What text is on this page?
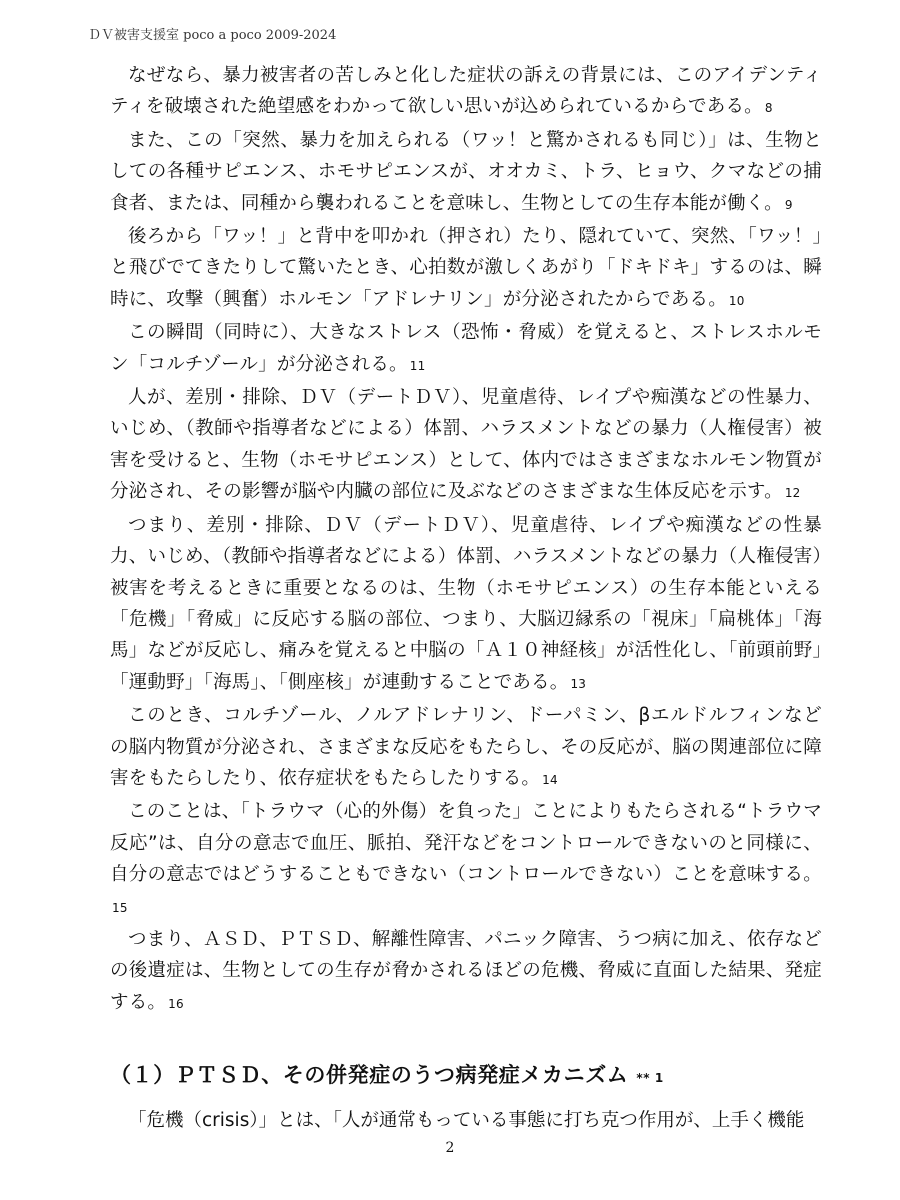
ＤＶ被害支援室 poco a poco 2009-2024

なぜなら、暴力被害者の苦しみと化した症状の訴えの背景には、このアイデンティティを破壊された絶望感をわかって欲しい思いが込められているからである。 8

また、この「突然、暴力を加えられる（ワッ！と驚かされるも同じ）」は、生物としての各種サピエンス、ホモサピエンスが、オオカミ、トラ、ヒョウ、クマなどの捕食者、または、同種から襲われることを意味し、生物としての生存本能が働く。 9

後ろから「ワッ！」と背中を叩かれ（押され）たり、隠れていて、突然、「ワッ！」と飛びでてきたりして驚いたとき、心拍数が激しくあがり「ドキドキ」するのは、瞬時に、攻撃（興奮）ホルモン「アドレナリン」が分泌されたからである。 10

この瞬間（同時に）、大きなストレス（恐怖・脅威）を覚えると、ストレスホルモン「コルチゾール」が分泌される。 11

人が、差別・排除、ＤＶ（デートＤＶ）、児童虐待、レイプや痴漢などの性暴力、いじめ、（教師や指導者などによる）体罰、ハラスメントなどの暴力（人権侵害）被害を受けると、生物（ホモサピエンス）として、体内ではさまざまなホルモン物質が分泌され、その影響が脳や内臓の部位に及ぶなどのさまざまな生体反応を示す。 12

つまり、差別・排除、ＤＶ（デートＤＶ）、児童虐待、レイプや痴漢などの性暴力、いじめ、（教師や指導者などによる）体罰、ハラスメントなどの暴力（人権侵害）被害を考えるときに重要となるのは、生物（ホモサピエンス）の生存本能といえる「危機」「脅威」に反応する脳の部位、つまり、大脳辺縁系の「視床」「扁桃体」「海馬」などが反応し、痛みを覚えると中脳の「Ａ１０神経核」が活性化し、「前頭前野」「運動野」「海馬」、「側座核」が連動することである。 13

このとき、コルチゾール、ノルアドレナリン、ドーパミン、βエルドルフィンなどの脳内物質が分泌され、さまざまな反応をもたらし、その反応が、脳の関連部位に障害をもたらしたり、依存症状をもたらしたりする。 14

このことは、「トラウマ（心的外傷）を負った」ことによりもたらされる“トラウマ反応”は、自分の意志で血圧、脈拍、発汗などをコントロールできないのと同様に、自分の意志ではどうすることもできない（コントロールできない）ことを意味する。15

つまり、ＡＳＤ、ＰＴＳＤ、解離性障害、パニック障害、うつ病に加え、依存などの後遺症は、生物としての生存が脅かされるほどの危機、脅威に直面した結果、発症する。 16

（１）ＰＴＳＤ、その併発症のうつ病発症メカニズム ** 1

「危機（crisis）」とは、「人が通常もっている事態に打ち克つ作用が、上手く機能

2
